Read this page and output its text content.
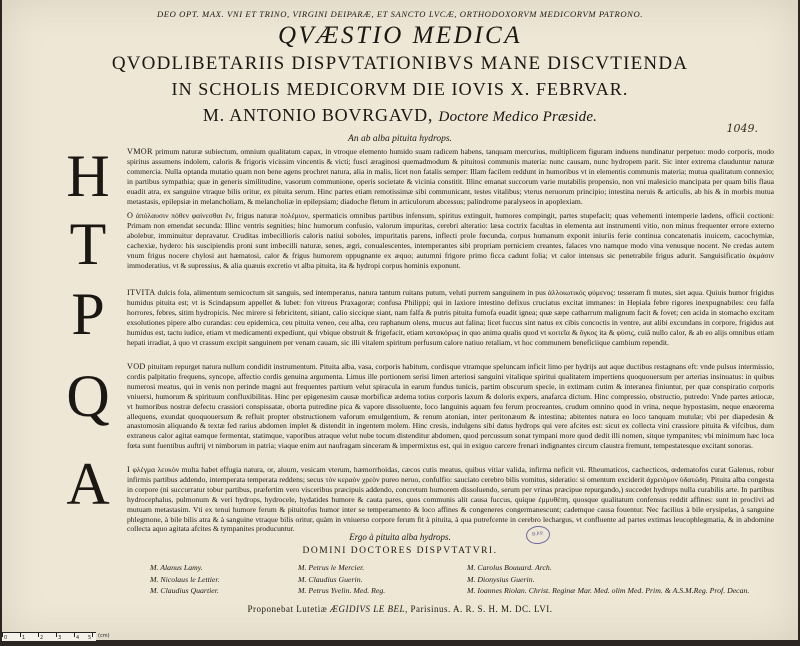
DEO OPT. MAX. VNI ET TRINO, VIRGINI DEIPARÆ, ET SANCTO LVCÆ, ORTHODOXORVM MEDICORVM PATRONO.
QVÆSTIO MEDICA
QVODLIBETARIIS DISPVTATIONIBVS MANE DISCVTIENDA
IN SCHOLIS MEDICORVM DIE IOVIS X. FEBRVAR.
M. ANTONIO BOVRGAVD, Doctore Medico Præside.
1049.
An ab alba pituita hydrops.
H	VMOR primum naturæ subiectum, omnium qualitatum capax, in vtroque elemento humido suam radicem habens, tanquam mercurius, multiplicem figuram induens nundinatur perpetuo: modo corporis, modo spiritus assumens indolem, caloris & frigoris vicissim vincentis & victi; fusci æraginosi quemadmodum & pituitosi communis materia: nunc causam, nunc hydropem parit. Sic inter extrema clauduntur naturæ commercia. Nulla optanda mutatio quam non bene agens prochret natura, alia in malis, licet non fatalis semper: Illam facilem reddunt in humoribus vt in elementis communis materia; mutua qualitatum connexio; in partibus sympathia; quæ in generis similitudine, vasorum communione, operis societate & vicinia constitit. Illinc emanat succorum varie mutabilis propensio, non vni malesicio mancipata per quam bilis flaua euadit atra, ex sanguine vtraque bilis oritur, ex pituita serum. Hinc partes etiam remotissimæ sibi communicant, testes vitalibus; vterus neruorum principio; intestina neruis & articulis, ab his & in morbis mutua metastasis, epilepsiæ in melancholiam, & melancholiæ in epilepsiam; diadoche fletum in articulorum abcessus; palindrome paralyseos in apoplexiam.
T	O ἀπόλαυσιν πόθεν φαίνεσθαι ἔν, frigus naturæ πολέμιον, spermaticis omnibus partibus infensum, spiritus extinguit, humores compingit, partes stupefacit; quas vehementi intemperie lædens, officii coctioni: Primam non emendat secunda: Illinc ventris segnities; hinc humorum confusio, valorum impuritas, cerebri alteratio: læsa coctrix facultas in elementa aut instrumenti vitio, non minus frequenter errore externo abolebur, imminuitur depravatur. Cruditas imbecillioris caloris natiui soboles, impuritatis parens, inflecti prole fœcunda, corpus humanum exponit iniuriis ferie continua concatenatis inuicem, cacochymiæ, cachexiæ, hydero: his suscipiendis proni sunt imbecilli naturæ, senes, ægri, conualescentes, intemperantes sibi propriam perniciem creantes, falaces vno namque modo vina venusque nocent. Ne credas autem vnum frigus nocere chylosi aut hæmatosi, calor & frigus humorem oppugnante ex æquo; autumni frigore primo ficca cadunt folia; vt calor intensus sic penetrabile frigus adurit. Sanguisificatio ἀκμάσιν immoderatius, vt & supressius, & alia quæuis excretio vt alba pituita, ita & hydropi corpus hominis exponunt.
P	ITVITA dulcis fola, alimentum semicoctum sit sanguis, sed intemperatus, natura tantum ruitans putum, veluti purrem sanguinem in pus ἀλλοιωτικός φύμενος: tesseram fi mutes, siet aqua. Quiuis humor frigidus humidus pituita est; vt is Scindapsum appellet & lubet: fon vitreus Praxagoræ; confusa Philippi; qui in laxiore intestino defixus cruciatus excitat immanes: in Hepiala febre rigores inexpugnabiles: ceu falfa horrores, febres, sitim hydropicis. Nec mirere si febricitent, sitiant, calio siccique siant, nam falfa & putris pituita fumofa euadit ignea; quæ sæpe catharrum malignum facit & fovet; cen acida in stomacho excitam exsolutiones pipere albo curandas: ceu epidemica, ceu pituita veneo, ceu alba, ceu raphanum olens, mucus aut falina; licet fuccus sint natus ex cibis concoctis in ventre, aut alibi excundans in corpore, frigidus aut humidus est, tactu iudice, etiam vt medicamenti expediunt, qui vbique obstruit & frigefacit, etiam κατακόρως in quo anima qualis quod vt κοιτεῖα & ὄγκος ita & φύσις, cuiâ nullo calor, & ab eo alijs omnibus etiam hepati irradiat, à quo vt crassum excipit sanguinem per venam cauam, sic illi vitalem spiritum perfusum calore natiuo retaliam, vt hoc communem beneficiique cambium rependit.
Q	VOD pituitam repurget natura nullum condidit instrumentum. Pituita alba, vasa, corporis habitum, cordisque vtramque speluncam inficit limo per hydrijs aut aque ductibus restagnans eft: vnde pulsus intermissio, cordis palpitatio frequens, syncope, affectio cordis genuina argumenta. Limus ille portionem serisi limen arteriosi sanguini vitalique spiritui qualitatem impertiens quoquouersum per arterias insinuatus: in quibus numerosi meatus, qui in venis non perinde magni aut frequentes partium velut spiracula in earum fundus tunicis, partim obscurum specie, in extimam cutim & interanea finiuntur, per quæ conspiratio corporis vniuersi, humorum & spirituum confluxibilitas. Hinc per epigenesim causæ morbificæ ædema totius corporis laxum & doloris expers, anafarca dictum. Hinc compressio, obstructio, putredo: Vnde partes ætiocæ, vt humoribus nostræ defectu crassiori conspissatæ, oborta putredine pica & vapore dissoluente, loco languinis aquam feu ferum procreantes, crudum omnino quod in vrina, neque hypostasim, neque enæorema allequens, exundat quoquouersum & refluit propter obstructionem vaforum emulgentium, & renum atonian, inter peritonæum & intestina; abitentes natura eo loco tanquam mutulæ; vbi per diapedesin & anastomosin aliquando & textæ fed rarius abdomen implet & distendit in ingentem molem. Hinc cresis, indulgens sibi datus hydrops qui vere afcites est: sicut ex collecta vini crassiore pituita & vifcibus, dum extraneus calor agitat eamque fermentat, statimque, vaporibus atraque velut nube tocum distenditur abdomen, quod percussum sonat tympani more quod dedit illi nomen, sitque tympanites; vbi minimum hæc loca fœta sunt fuentibus auftrij vt nimborum in patria; viaque enim aut naufragam sinceram & impermixtus est, qui in exiguo carcere frenari indignantes circum claustra fremunt, tempestatesque excitant sonoras.
A	I φλέγμα λευκὸν multa habet effugia natura, or, aluum, vesicam vterum, hæmorrhoidas, cæcos cutis meatus, quibus vitiar valida, infirma neficit vti. Rheumaticos, cachecticos, œdematofos curat Galenus, robur infirmis partibus addendo, intemperata temperata reddens; secus τὸν κεραὸν χρεὸν pureo neruo, confulfio: sauciato cerebro bilis vomitus, sideratio: si omentum exciderit ἀχρειόμον ὑδατώδη. Pituita alba congesta in corpore (ni succurratur tobur partibus, præfertim vero visceribus præcipuis addendo, concretum humorem dissoluendo, serum per vrinas præcipue repurgando,) succedet hydrops nulla curabilis arte. In partibus hydrocephalus, pulmonum & veri hydrops, hydrocele, hydatides humore & cauta pares, quos communis alit causa fuccus, quique ἐμμυθέπη, quosque qualitatum confensus reddit affines: sunt in proclivi ad mutuam metastasim. Vti ex tenui humore ferum & pituitofus humor inter se temperamento & loco affines & congeneres congermanescunt; cademque causa fouentur. Nec facilius à bile erysipelas, à sanguine phlegmone, à bile bilis atra & à sanguine vtraque bilis oritur, quàm in vniuerso corpore ferum fit à pituita, à qua putrefcente in cerebro lechargus, vt confluente ad partes extimas leucophlegmatia, & in abdomine collecta aquo agitata afcites & tympanites producuntur.
Ergo à pituita alba hydrops.	B.P.P.
DOMINI DOCTORES DISPVTATVRI.
M. Alanus Lamy.
M. Nicolaus le Lettier.
M. Claudius Quartier.
M. Petrus le Mercier.
M. Claudius Guerin.
M. Petrus Yvelin. Med. Reg.
M. Carolus Bouuard. Arch.
M. Dionysius Guerin.
M. Ioannes Riolan. Christ. Reginæ Mar. Med. olim Med. Prim. & A.S.M.Reg. Prof. Decan.
Proponebat Lutetiæ ÆGIDIVS LE BEL, Parisinus. A. R. S. H. M. DC. LVI.
0	1	2	3	4 5 (cm)
